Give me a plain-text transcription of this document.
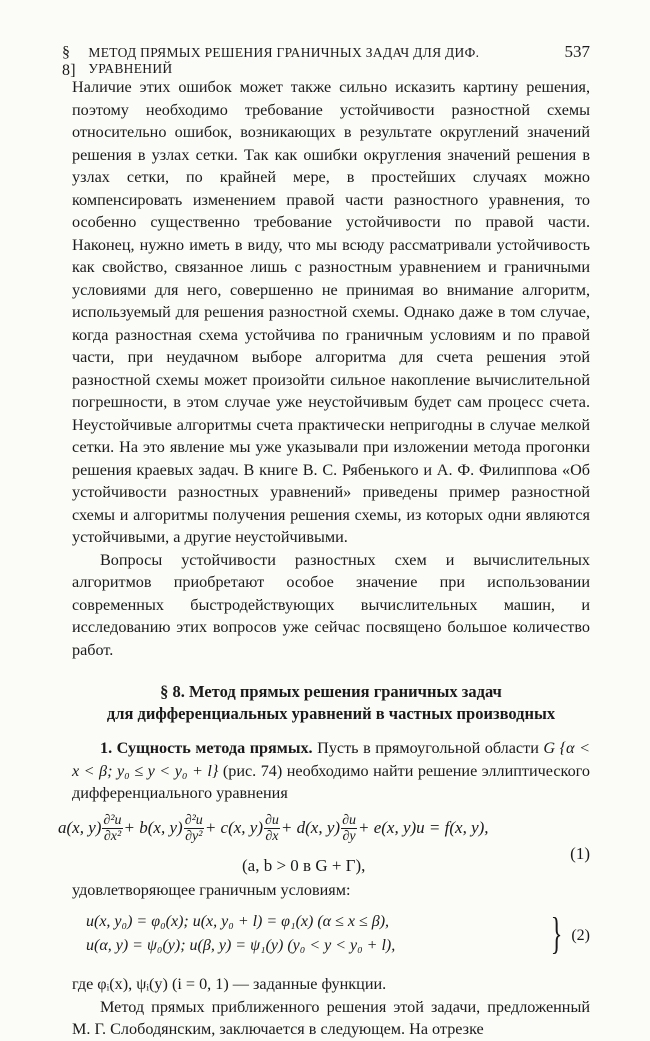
§ 8]
МЕТОД ПРЯМЫХ РЕШЕНИЯ ГРАНИЧНЫХ ЗАДАЧ ДЛЯ ДИФ. УРАВНЕНИЙ
537

Наличие этих ошибок может также сильно исказить картину решения, поэтому необходимо требование устойчивости разностной схемы относительно ошибок, возникающих в результате округлений значений решения в узлах сетки. Так как ошибки округления значений решения в узлах сетки, по крайней мере, в простейших случаях можно компенсировать изменением правой части разностного уравнения, то особенно существенно требование устойчивости по правой части. Наконец, нужно иметь в виду, что мы всюду рассматривали устойчивость как свойство, связанное лишь с разностным уравнением и граничными условиями для него, совершенно не принимая во внимание алгоритм, используемый для решения разностной схемы. Однако даже в том случае, когда разностная схема устойчива по граничным условиям и по правой части, при неудачном выборе алгоритма для счета решения этой разностной схемы может произойти сильное накопление вычислительной погрешности, в этом случае уже неустойчивым будет сам процесс счета. Неустойчивые алгоритмы счета практически непригодны в случае мелкой сетки. На это явление мы уже указывали при изложении метода прогонки решения краевых задач. В книге В. С. Рябенького и А. Ф. Филиппова «Об устойчивости разностных уравнений» приведены пример разностной схемы и алгоритмы получения решения схемы, из которых одни являются устойчивыми, а другие неустойчивыми.

Вопросы устойчивости разностных схем и вычислительных алгоритмов приобретают особое значение при использовании современных быстродействующих вычислительных машин, и исследованию этих вопросов уже сейчас посвящено большое количество работ.

§ 8. Метод прямых решения граничных задач
для дифференциальных уравнений в частных производных

1. Сущность метода прямых. Пусть в прямоугольной области G {α < x < β; y₀ ≤ y < y₀ + l} (рис. 74) необходимо найти решение эллиптического дифференциального уравнения

a(x, $y) \frac{\text{∂²u}}{\text{∂x²}} + b(x$, $y) \frac{\text{∂²u}}{\text{∂y²}} + c(x$, $y) \frac{\partial u}{\partial x} + d(x$, $y) \frac{\partial u}{\partial y} + e(x$, y)u = f(x, y),
(1)
(a, b > 0 в G + Γ),

удовлетворяющее граничным условиям:

u(x, y₀) = φ₀(x); u(x, y₀ + l) = φ₁(x) (α ≤ x ≤ β),
u(α, y) = ψ₀(y); u(β, y) = ψ₁(y) (y₀ < y < y₀ + l),	} (2)

где φᵢ(x), ψᵢ(y) (i = 0, 1) — заданные функции.

Метод прямых приближенного решения этой задачи, предложенный М. Г. Слободянским, заключается в следующем. На отрезке
